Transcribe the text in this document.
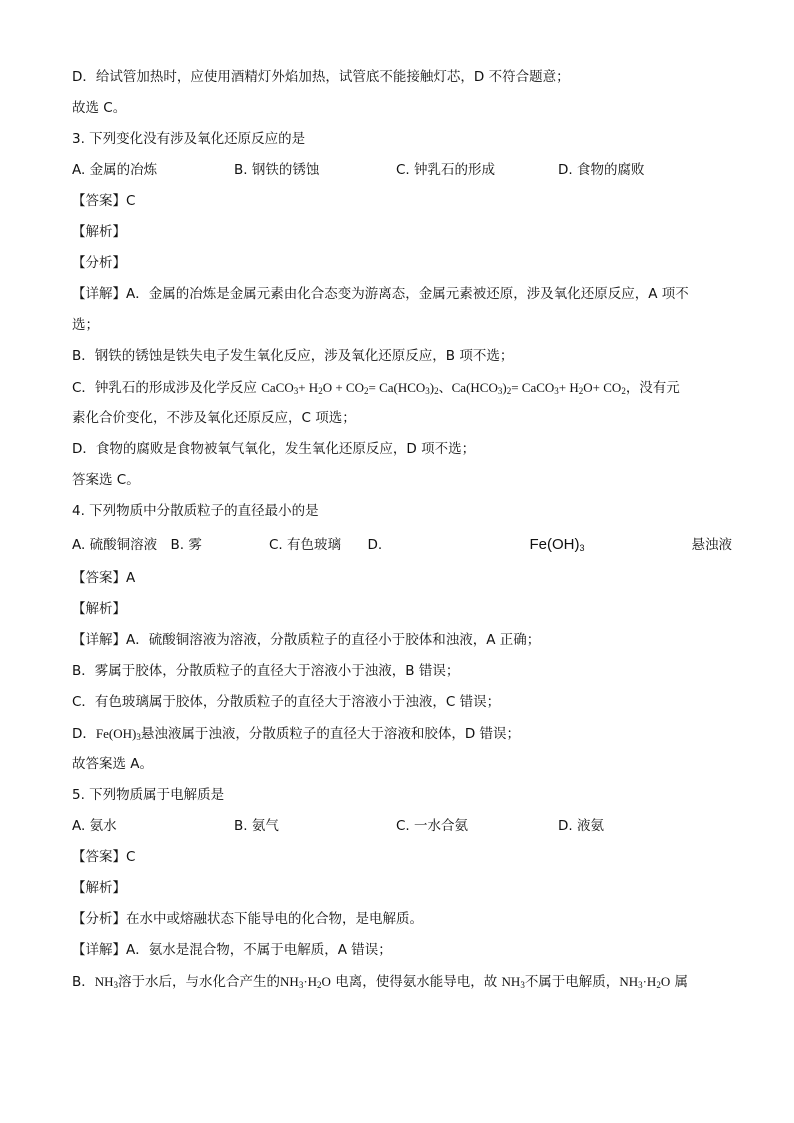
D．给试管加热时，应使用酒精灯外焰加热，试管底不能接触灯芯，D 不符合题意；
故选 C。
3. 下列变化没有涉及氧化还原反应的是
A. 金属的冶炼	B. 钢铁的锈蚀	C. 钟乳石的形成	D. 食物的腐败
【答案】C
【解析】
【分析】
【详解】A．金属的冶炼是金属元素由化合态变为游离态，金属元素被还原，涉及氧化还原反应，A 项不
选；
B．钢铁的锈蚀是铁失电子发生氧化反应，涉及氧化还原反应，B 项不选；
C．钟乳石的形成涉及化学反应 CaCO$_3$+ $H_2O + CO_2= Ca(HCO_3)_2$、$Ca(HCO_3)_2=$ CaCO$_3$+ $H_2O+ CO_2$，没有元
素化合价变化，不涉及氧化还原反应，C 项选；
D．食物的腐败是食物被氧气氧化，发生氧化还原反应，D 项不选；
答案选 C。
4. 下列物质中分散质粒子的直径最小的是
A. 硫酸铜溶液 B. 雾	C. 有色玻璃	D.	$Fe(OH)_3$	悬浊液
【答案】A
【解析】
【详解】A．硫酸铜溶液为溶液，分散质粒子的直径小于胶体和浊液，A 正确；
B．雾属于胶体，分散质粒子的直径大于溶液小于浊液，B 错误；
C．有色玻璃属于胶体，分散质粒子的直径大于溶液小于浊液，C 错误；
D．$Fe(OH)_3$悬浊液属于浊液，分散质粒子的直径大于溶液和胶体，D 错误；
故答案选 A。
5. 下列物质属于电解质是
A. 氨水	B. 氨气	C. 一水合氨	D. 液氨
【答案】C
【解析】
【分析】在水中或熔融状态下能导电的化合物，是电解质。
【详解】A．氨水是混合物，不属于电解质，A 错误；
B．$NH_3$溶于水后，与水化合产生的$NH_3\cdot H_2O$ 电离，使得氨水能导电，故 $NH_3$不属于电解质，$NH_3\cdot H_2O$ 属
